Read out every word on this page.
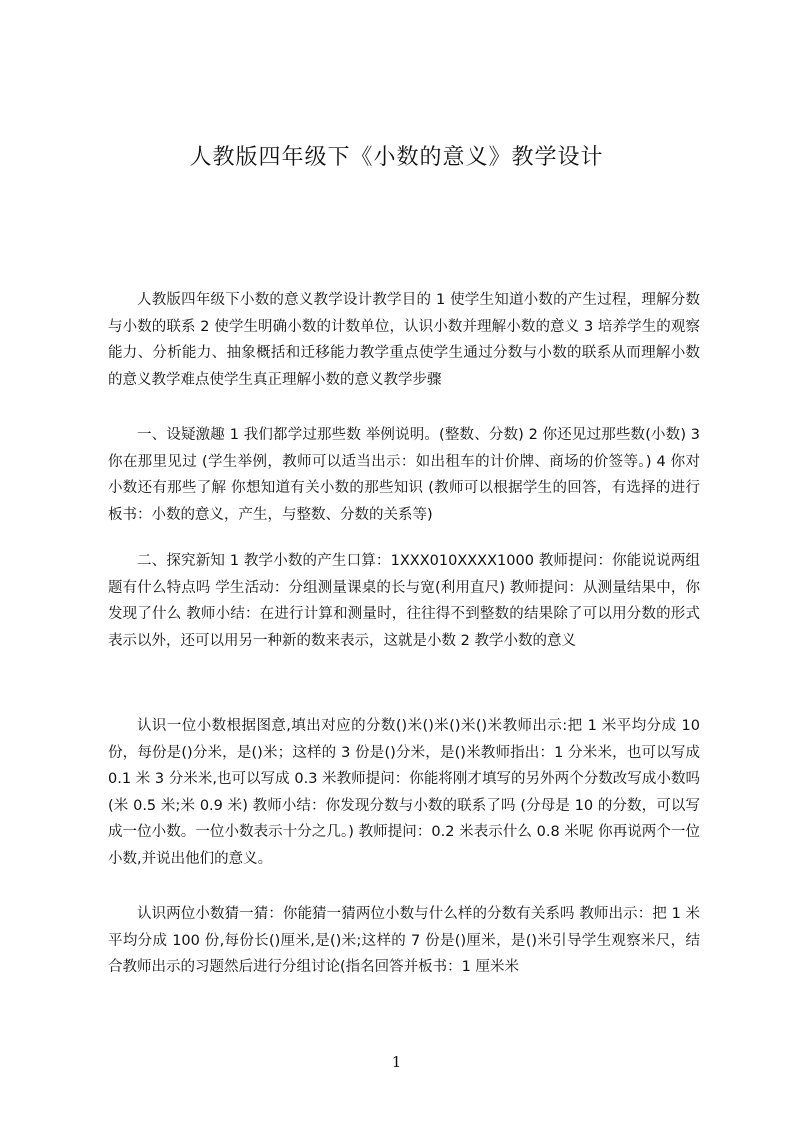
人教版四年级下《小数的意义》教学设计

人教版四年级下小数的意义教学设计教学目的 1 使学生知道小数的产生过程，理解分数与小数的联系 2 使学生明确小数的计数单位，认识小数并理解小数的意义 3 培养学生的观察能力、分析能力、抽象概括和迁移能力教学重点使学生通过分数与小数的联系从而理解小数的意义教学难点使学生真正理解小数的意义教学步骤

一、设疑激趣 1 我们都学过那些数 举例说明。(整数、分数) 2 你还见过那些数(小数) 3 你在那里见过 (学生举例，教师可以适当出示：如出租车的计价牌、商场的价签等。) 4 你对小数还有那些了解 你想知道有关小数的那些知识 (教师可以根据学生的回答，有选择的进行板书：小数的意义，产生，与整数、分数的关系等)

二、探究新知 1 教学小数的产生口算：1XXX010XXXX1000 教师提问：你能说说两组题有什么特点吗 学生活动：分组测量课桌的长与宽(利用直尺) 教师提问：从测量结果中，你发现了什么 教师小结：在进行计算和测量时，往往得不到整数的结果除了可以用分数的形式表示以外，还可以用另一种新的数来表示，这就是小数 2 教学小数的意义

认识一位小数根据图意,填出对应的分数()米()米()米()米教师出示:把 1 米平均分成 10 份，每份是()分米，是()米；这样的 3 份是()分米，是()米教师指出：1 分米米，也可以写成 0.1 米 3 分米米,也可以写成 0.3 米教师提问：你能将刚才填写的另外两个分数改写成小数吗 (米 0.5 米;米 0.9 米) 教师小结：你发现分数与小数的联系了吗 (分母是 10 的分数，可以写成一位小数。一位小数表示十分之几。) 教师提问：0.2 米表示什么 0.8 米呢 你再说两个一位小数,并说出他们的意义。

认识两位小数猜一猜：你能猜一猜两位小数与什么样的分数有关系吗 教师出示：把 1 米平均分成 100 份,每份长()厘米,是()米;这样的 7 份是()厘米，是()米引导学生观察米尺，结合教师出示的习题然后进行分组讨论(指名回答并板书：1 厘米米

1
